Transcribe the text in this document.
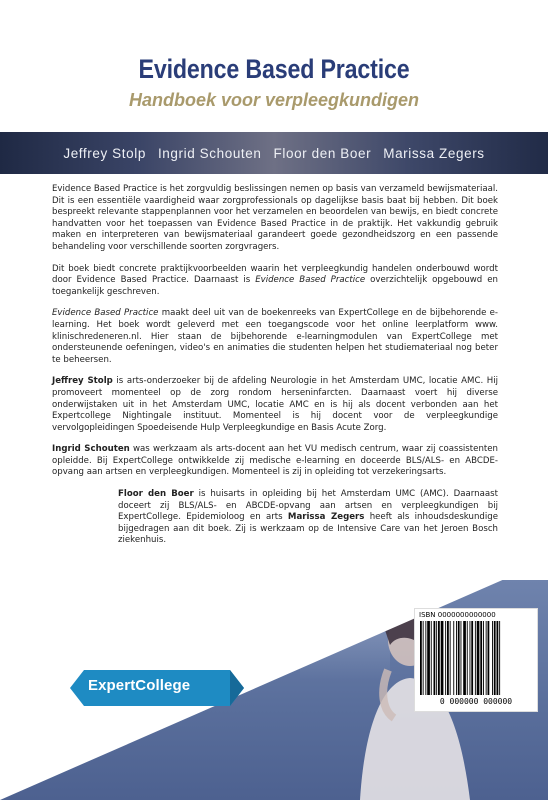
Evidence Based Practice
Handboek voor verpleegkundigen
Jeffrey Stolp Ingrid Schouten Floor den Boer Marissa Zegers

Evidence Based Practice is het zorgvuldig beslissingen nemen op basis van verzameld bewijsmateriaal. Dit is een essentiële vaardigheid waar zorgprofessionals op dagelijkse basis baat bij hebben. Dit boek bespreekt relevante stappenplannen voor het verzamelen en beoordelen van bewijs, en biedt concrete handvatten voor het toepassen van Evidence Based Practice in de praktijk. Het vakkundig gebruik maken en interpreteren van bewijsmateriaal garandeert goede gezondheidszorg en een passende behandeling voor verschillende soorten zorgvragers.

Dit boek biedt concrete praktijkvoorbeelden waarin het verpleegkundig handelen onderbouwd wordt door Evidence Based Practice. Daarnaast is Evidence Based Practice overzichtelijk opgebouwd en toegankelijk geschreven.

Evidence Based Practice maakt deel uit van de boekenreeks van ExpertCollege en de bijbehorende e-learning. Het boek wordt geleverd met een toegangscode voor het online leerplatform www. klinischredeneren.nl. Hier staan de bijbehorende e-learningmodulen van ExpertCollege met ondersteunende oefeningen, video's en animaties die studenten helpen het studiemateriaal nog beter te beheersen.

Jeffrey Stolp is arts-onderzoeker bij de afdeling Neurologie in het Amsterdam UMC, locatie AMC. Hij promoveert momenteel op de zorg rondom herseninfarcten. Daarnaast voert hij diverse onderwijstaken uit in het Amsterdam UMC, locatie AMC en is hij als docent verbonden aan het Expertcollege Nightingale instituut. Momenteel is hij docent voor de verpleegkundige vervolgopleidingen Spoedeisende Hulp Verpleegkundige en Basis Acute Zorg.

Ingrid Schouten was werkzaam als arts-docent aan het VU medisch centrum, waar zij coassistenten opleidde. Bij ExpertCollege ontwikkelde zij medische e-learning en doceerde BLS/ALS- en ABCDE-opvang aan artsen en verpleegkundigen. Momenteel is zij in opleiding tot verzekeringsarts.

Floor den Boer is huisarts in opleiding bij het Amsterdam UMC (AMC). Daarnaast doceert zij BLS/ALS- en ABCDE-opvang aan artsen en verpleegkundigen bij ExpertCollege. Epidemioloog en arts Marissa Zegers heeft als inhoudsdeskundige bijgedragen aan dit boek. Zij is werkzaam op de Intensive Care van het Jeroen Bosch ziekenhuis.

ExpertCollege
ISBN 0000000000000
0 000000 000000
